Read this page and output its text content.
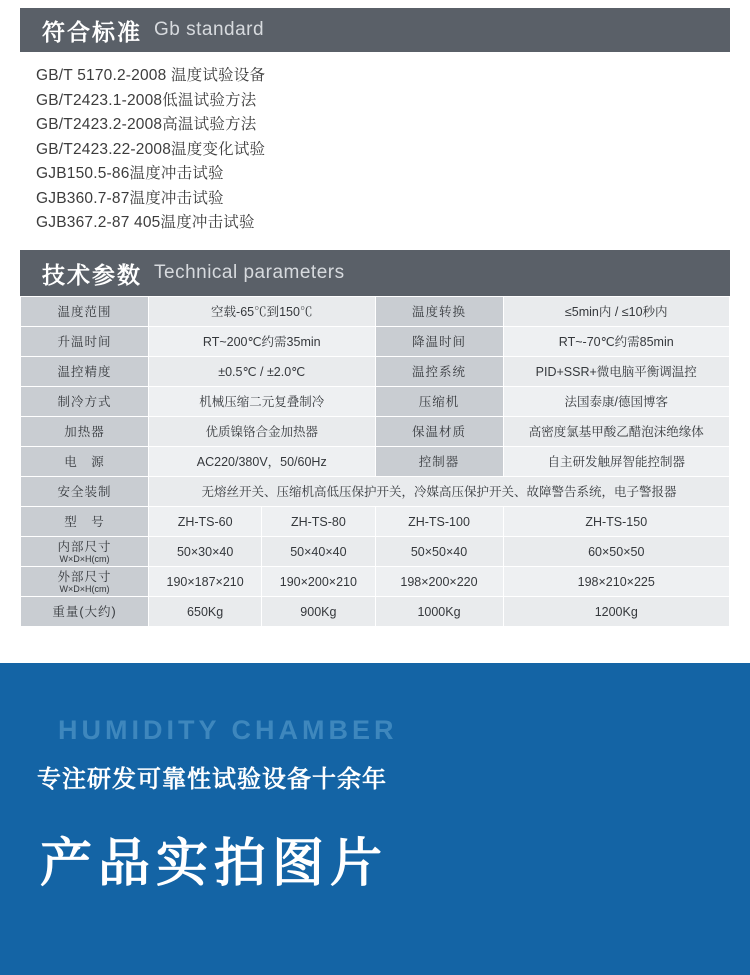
符合标准 Gb standard
GB/T 5170.2-2008 温度试验设备
GB/T2423.1-2008低温试验方法
GB/T2423.2-2008高温试验方法
GB/T2423.22-2008温度变化试验
GJB150.5-86温度冲击试验
GJB360.7-87温度冲击试验
GJB367.2-87 405温度冲击试验
技术参数 Technical parameters
温度范围	空载-65℃到150℃		温度转换	≤5min内 / ≤10秒内
升温时间	RT~200℃约需35min		降温时间	RT~-70℃约需85min
温控精度	±0.5℃ / ±2.0℃		温控系统	PID+SSR+微电脑平衡调温控
制冷方式	机械压缩二元复叠制冷		压缩机	法国泰康/德国博客
加热器	优质镍铬合金加热器		保温材质	高密度氯基甲酸乙醋泡沫绝缘体
电　源	AC220/380V，50/60Hz		控制器	自主研发触屏智能控制器
安全装制	无熔丝开关、压缩机高低压保护开关，冷媒高压保护开关、故障警告系统，电子警报器			
型　号	ZH-TS-60	ZH-TS-80	ZH-TS-100	ZH-TS-150
内部尺寸
W×D×H(cm)	50×30×40	50×40×40	50×50×40	60×50×50
外部尺寸
W×D×H(cm)	190×187×210	190×200×210	198×200×220	198×210×225
重量(大约)	650Kg	900Kg	1000Kg	1200Kg
HUMIDITY CHAMBER
专注研发可靠性试验设备十余年
产品实拍图片
